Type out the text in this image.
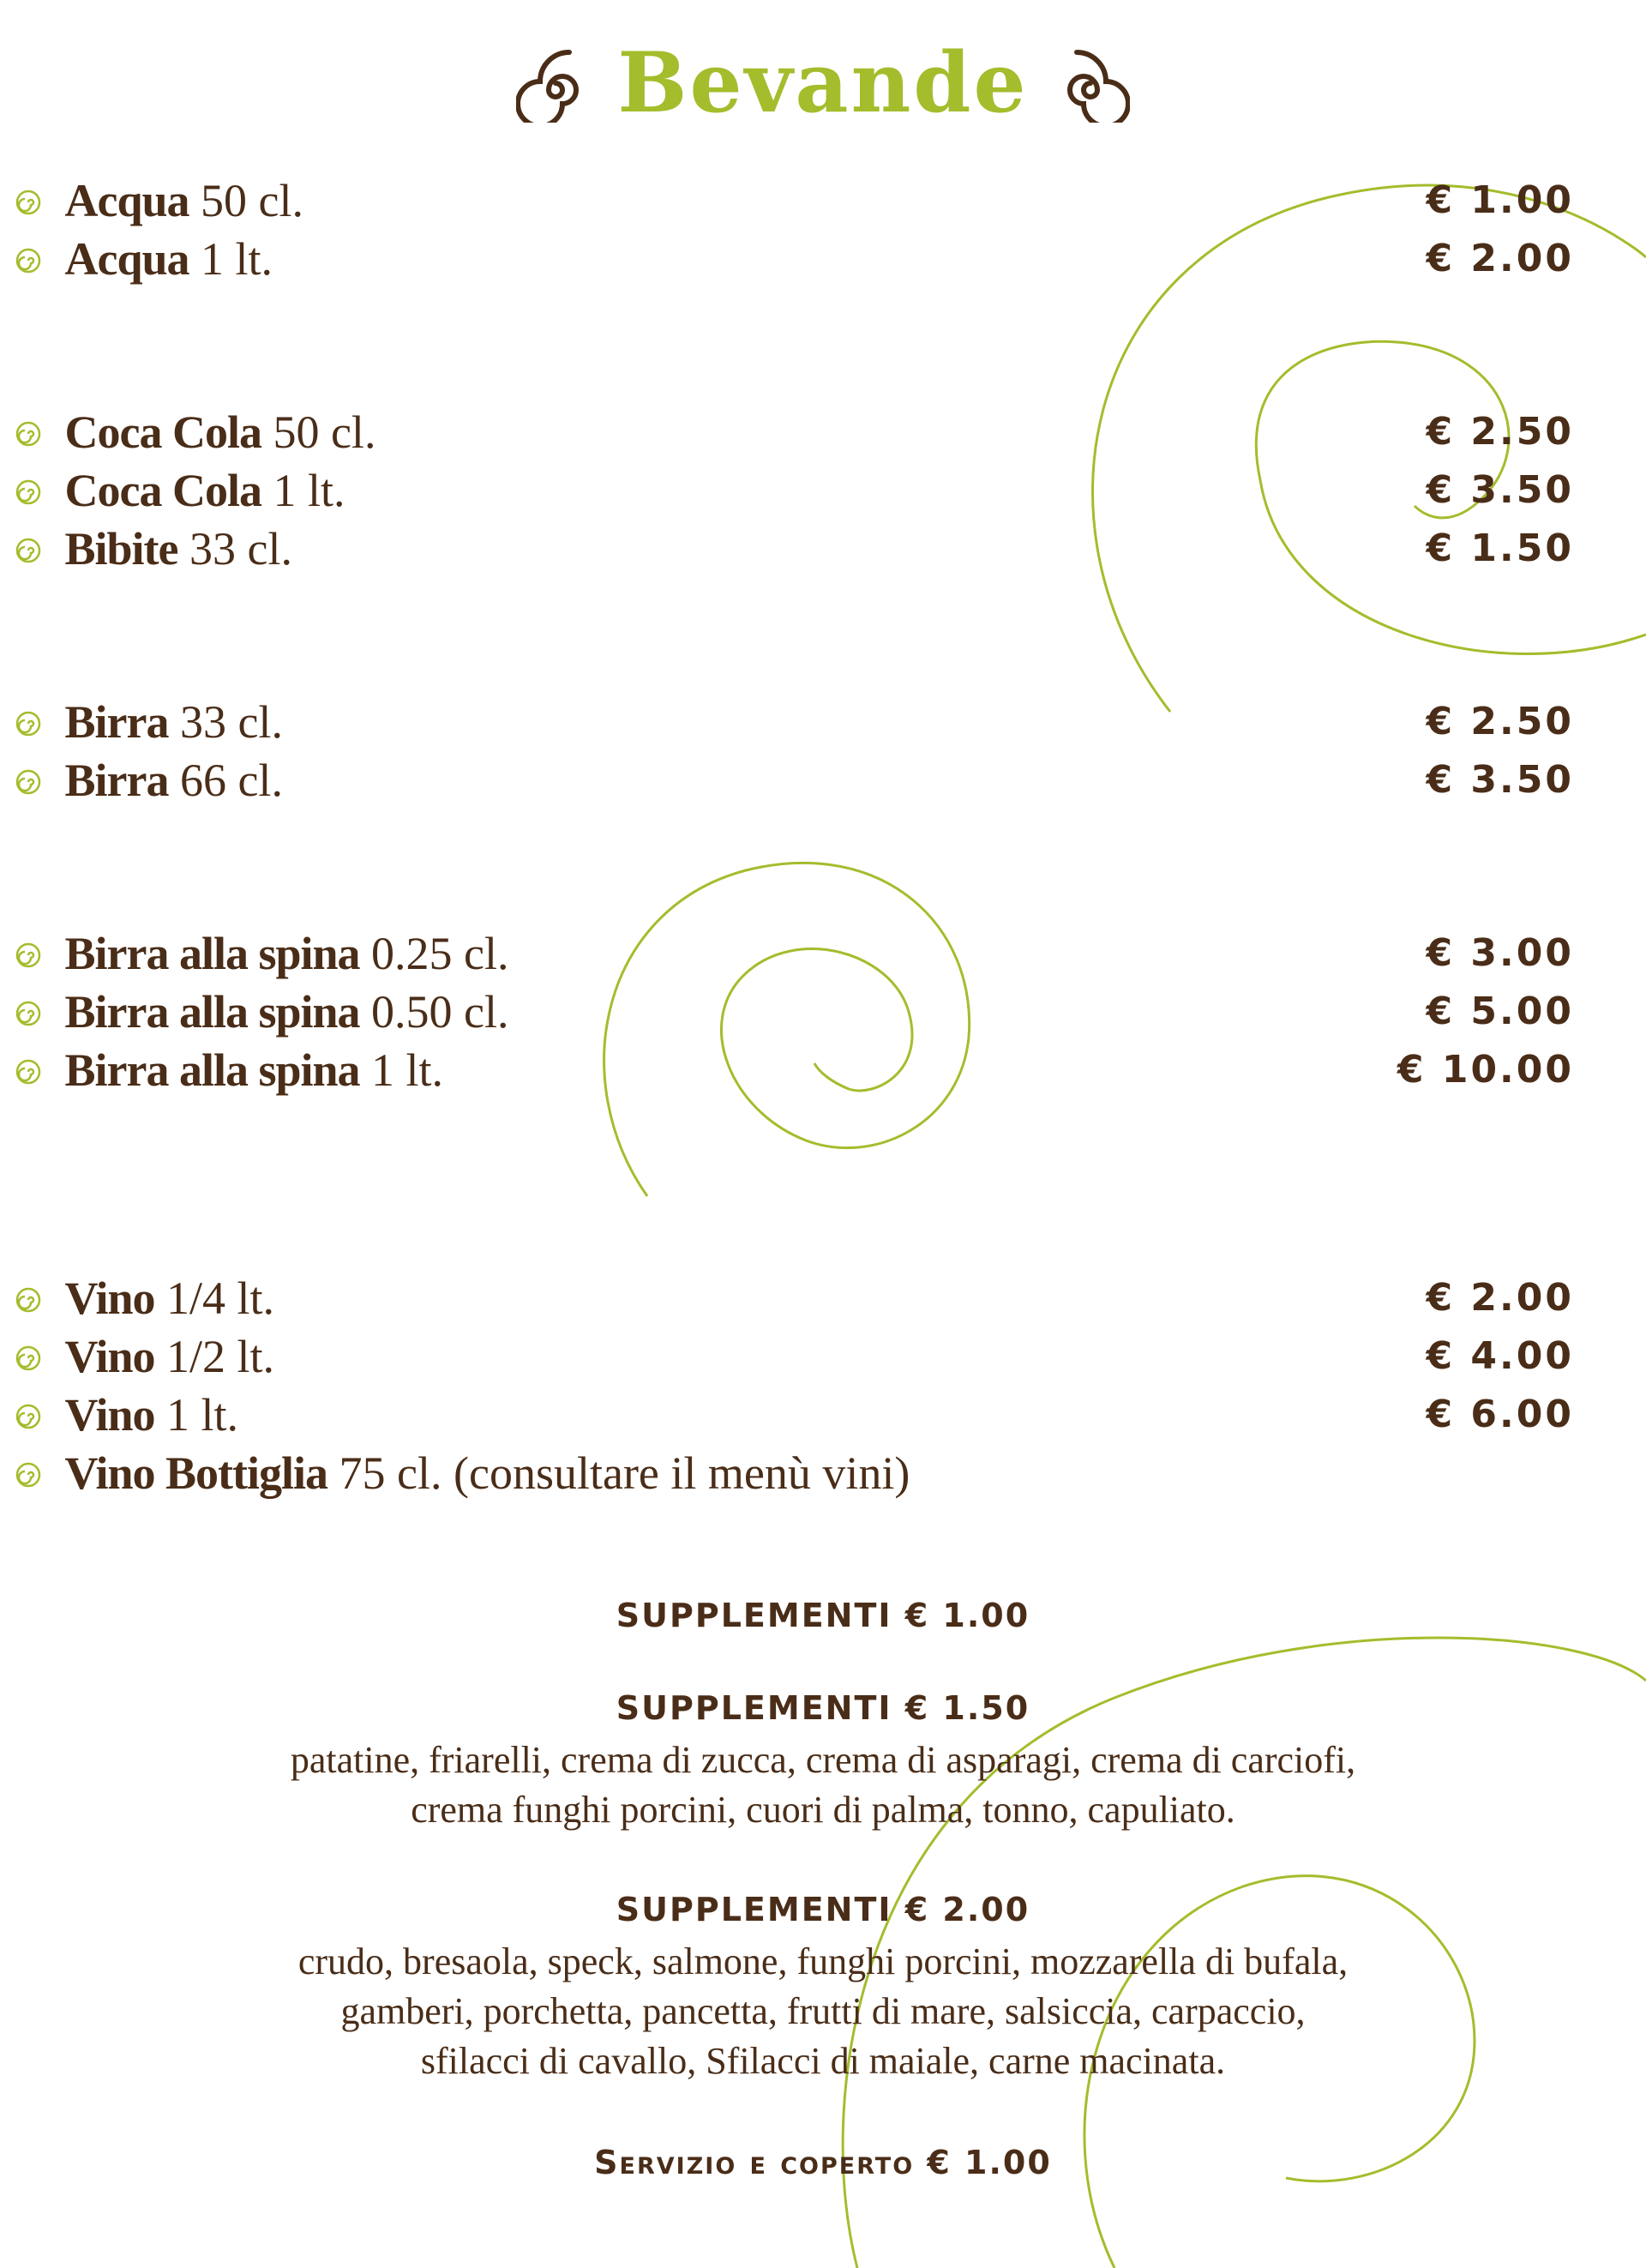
Bevande
Acqua 50 cl.	€ 1.00
Acqua 1 lt.	€ 2.00
Coca Cola 50 cl.	€ 2.50
Coca Cola 1 lt.	€ 3.50
Bibite 33 cl.	€ 1.50
Birra 33 cl.	€ 2.50
Birra 66 cl.	€ 3.50
Birra alla spina 0.25 cl.	€ 3.00
Birra alla spina 0.50 cl.	€ 5.00
Birra alla spina 1 lt.	€ 10.00
Vino 1/4 lt.	€ 2.00
Vino 1/2 lt.	€ 4.00
Vino 1 lt.	€ 6.00
Vino Bottiglia 75 cl. (consultare il menù vini)
SUPPLEMENTI € 1.00
SUPPLEMENTI € 1.50
patatine, friarelli, crema di zucca, crema di asparagi, crema di carciofi,
crema funghi porcini, cuori di palma, tonno, capuliato.
SUPPLEMENTI € 2.00
crudo, bresaola, speck, salmone, funghi porcini, mozzarella di bufala,
gamberi, porchetta, pancetta, frutti di mare, salsiccia, carpaccio,
sfilacci di cavallo, Sfilacci di maiale, carne macinata.
Servizio e coperto € 1.00
